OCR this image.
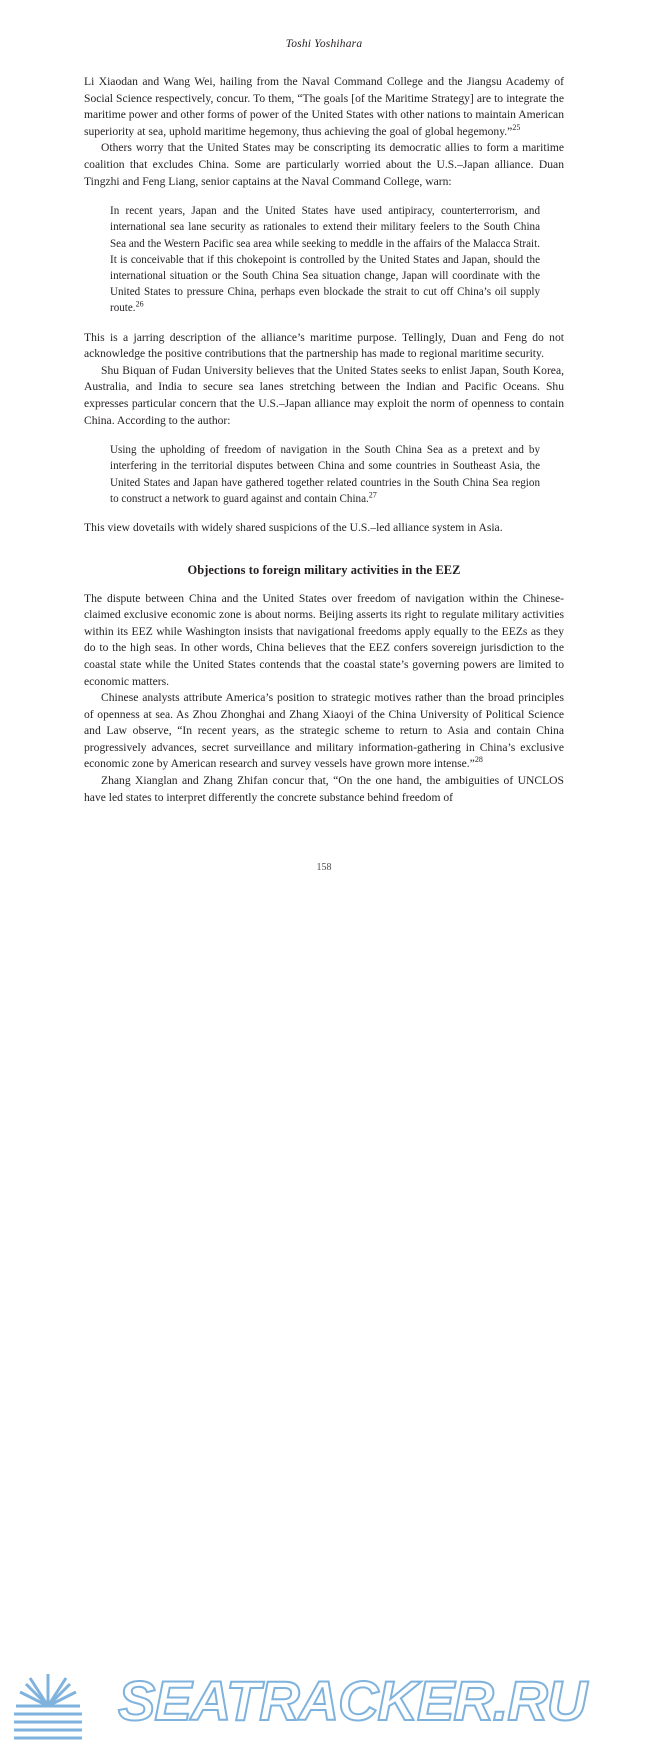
Toshi Yoshihara

Li Xiaodan and Wang Wei, hailing from the Naval Command College and the Jiangsu Academy of Social Science respectively, concur. To them, “The goals [of the Maritime Strategy] are to integrate the maritime power and other forms of power of the United States with other nations to maintain American superiority at sea, uphold maritime hegemony, thus achieving the goal of global hegemony.”$^{25}$

Others worry that the United States may be conscripting its democratic allies to form a maritime coalition that excludes China. Some are particularly worried about the U.S.–Japan alliance. Duan Tingzhi and Feng Liang, senior captains at the Naval Command College, warn:

In recent years, Japan and the United States have used antipiracy, counterterrorism, and international sea lane security as rationales to extend their military feelers to the South China Sea and the Western Pacific sea area while seeking to meddle in the affairs of the Malacca Strait. It is conceivable that if this chokepoint is controlled by the United States and Japan, should the international situation or the South China Sea situation change, Japan will coordinate with the United States to pressure China, perhaps even blockade the strait to cut off China’s oil supply route.$^{26}$

This is a jarring description of the alliance’s maritime purpose. Tellingly, Duan and Feng do not acknowledge the positive contributions that the partnership has made to regional maritime security.

Shu Biquan of Fudan University believes that the United States seeks to enlist Japan, South Korea, Australia, and India to secure sea lanes stretching between the Indian and Pacific Oceans. Shu expresses particular concern that the U.S.–Japan alliance may exploit the norm of openness to contain China. According to the author:

Using the upholding of freedom of navigation in the South China Sea as a pretext and by interfering in the territorial disputes between China and some countries in Southeast Asia, the United States and Japan have gathered together related countries in the South China Sea region to construct a network to guard against and contain China.$^{27}$

This view dovetails with widely shared suspicions of the U.S.–led alliance system in Asia.

Objections to foreign military activities in the EEZ

The dispute between China and the United States over freedom of navigation within the Chinese-claimed exclusive economic zone is about norms. Beijing asserts its right to regulate military activities within its EEZ while Washington insists that navigational freedoms apply equally to the EEZs as they do to the high seas. In other words, China believes that the EEZ confers sovereign jurisdiction to the coastal state while the United States contends that the coastal state’s governing powers are limited to economic matters.

Chinese analysts attribute America’s position to strategic motives rather than the broad principles of openness at sea. As Zhou Zhonghai and Zhang Xiaoyi of the China University of Political Science and Law observe, “In recent years, as the strategic scheme to return to Asia and contain China progressively advances, secret surveillance and military information-gathering in China’s exclusive economic zone by American research and survey vessels have grown more intense.”$^{28}$

Zhang Xianglan and Zhang Zhifan concur that, “On the one hand, the ambiguities of UNCLOS have led states to interpret differently the concrete substance behind freedom of

158
SEATRACKER.RU
